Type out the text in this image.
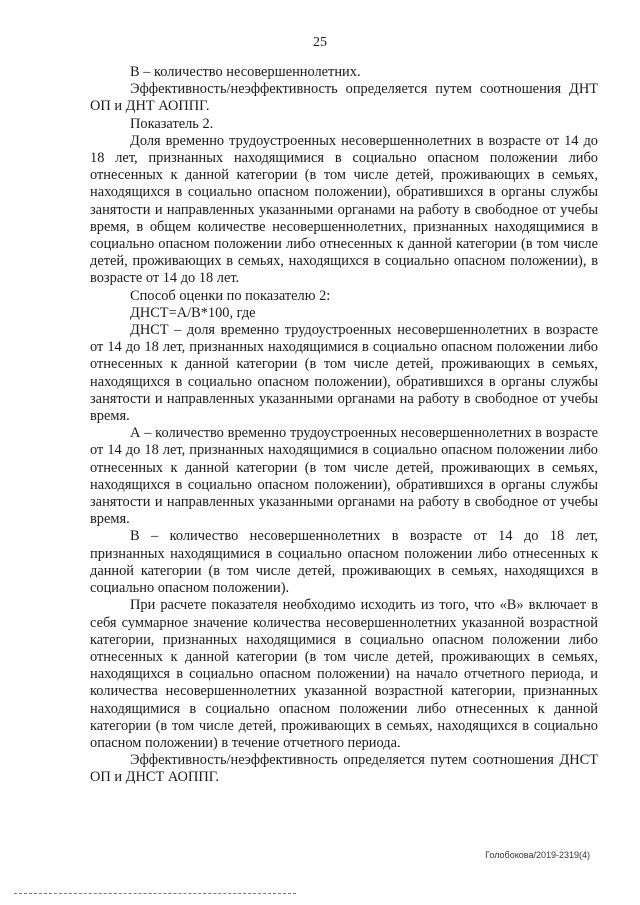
25

В – количество несовершеннолетних.

Эффективность/неэффективность определяется путем соотношения ДНТ ОП и ДНТ АОППГ.

Показатель 2.

Доля временно трудоустроенных несовершеннолетних в возрасте от 14 до 18 лет, признанных находящимися в социально опасном положении либо отнесенных к данной категории (в том числе детей, проживающих в семьях, находящихся в социально опасном положении), обратившихся в органы службы занятости и направленных указанными органами на работу в свободное от учебы время, в общем количестве несовершеннолетних, признанных находящимися в социально опасном положении либо отнесенных к данной категории (в том числе детей, проживающих в семьях, находящихся в социально опасном положении), в возрасте от 14 до 18 лет.

Способ оценки по показателю 2:

ДНСТ=А/В*100, где

ДНСТ – доля временно трудоустроенных несовершеннолетних в возрасте от 14 до 18 лет, признанных находящимися в социально опасном положении либо отнесенных к данной категории (в том числе детей, проживающих в семьях, находящихся в социально опасном положении), обратившихся в органы службы занятости и направленных указанными органами на работу в свободное от учебы время.

А – количество временно трудоустроенных несовершеннолетних в возрасте от 14 до 18 лет, признанных находящимися в социально опасном положении либо отнесенных к данной категории (в том числе детей, проживающих в семьях, находящихся в социально опасном положении), обратившихся в органы службы занятости и направленных указанными органами на работу в свободное от учебы время.

В – количество несовершеннолетних в возрасте от 14 до 18 лет, признанных находящимися в социально опасном положении либо отнесенных к данной категории (в том числе детей, проживающих в семьях, находящихся в социально опасном положении).

При расчете показателя необходимо исходить из того, что «В» включает в себя суммарное значение количества несовершеннолетних указанной возрастной категории, признанных находящимися в социально опасном положении либо отнесенных к данной категории (в том числе детей, проживающих в семьях, находящихся в социально опасном положении) на начало отчетного периода, и количества несовершеннолетних указанной возрастной категории, признанных находящимися в социально опасном положении либо отнесенных к данной категории (в том числе детей, проживающих в семьях, находящихся в социально опасном положении) в течение отчетного периода.

Эффективность/неэффективность определяется путем соотношения ДНСТ ОП и ДНСТ АОППГ.

Голобокова/2019-2319(4)
